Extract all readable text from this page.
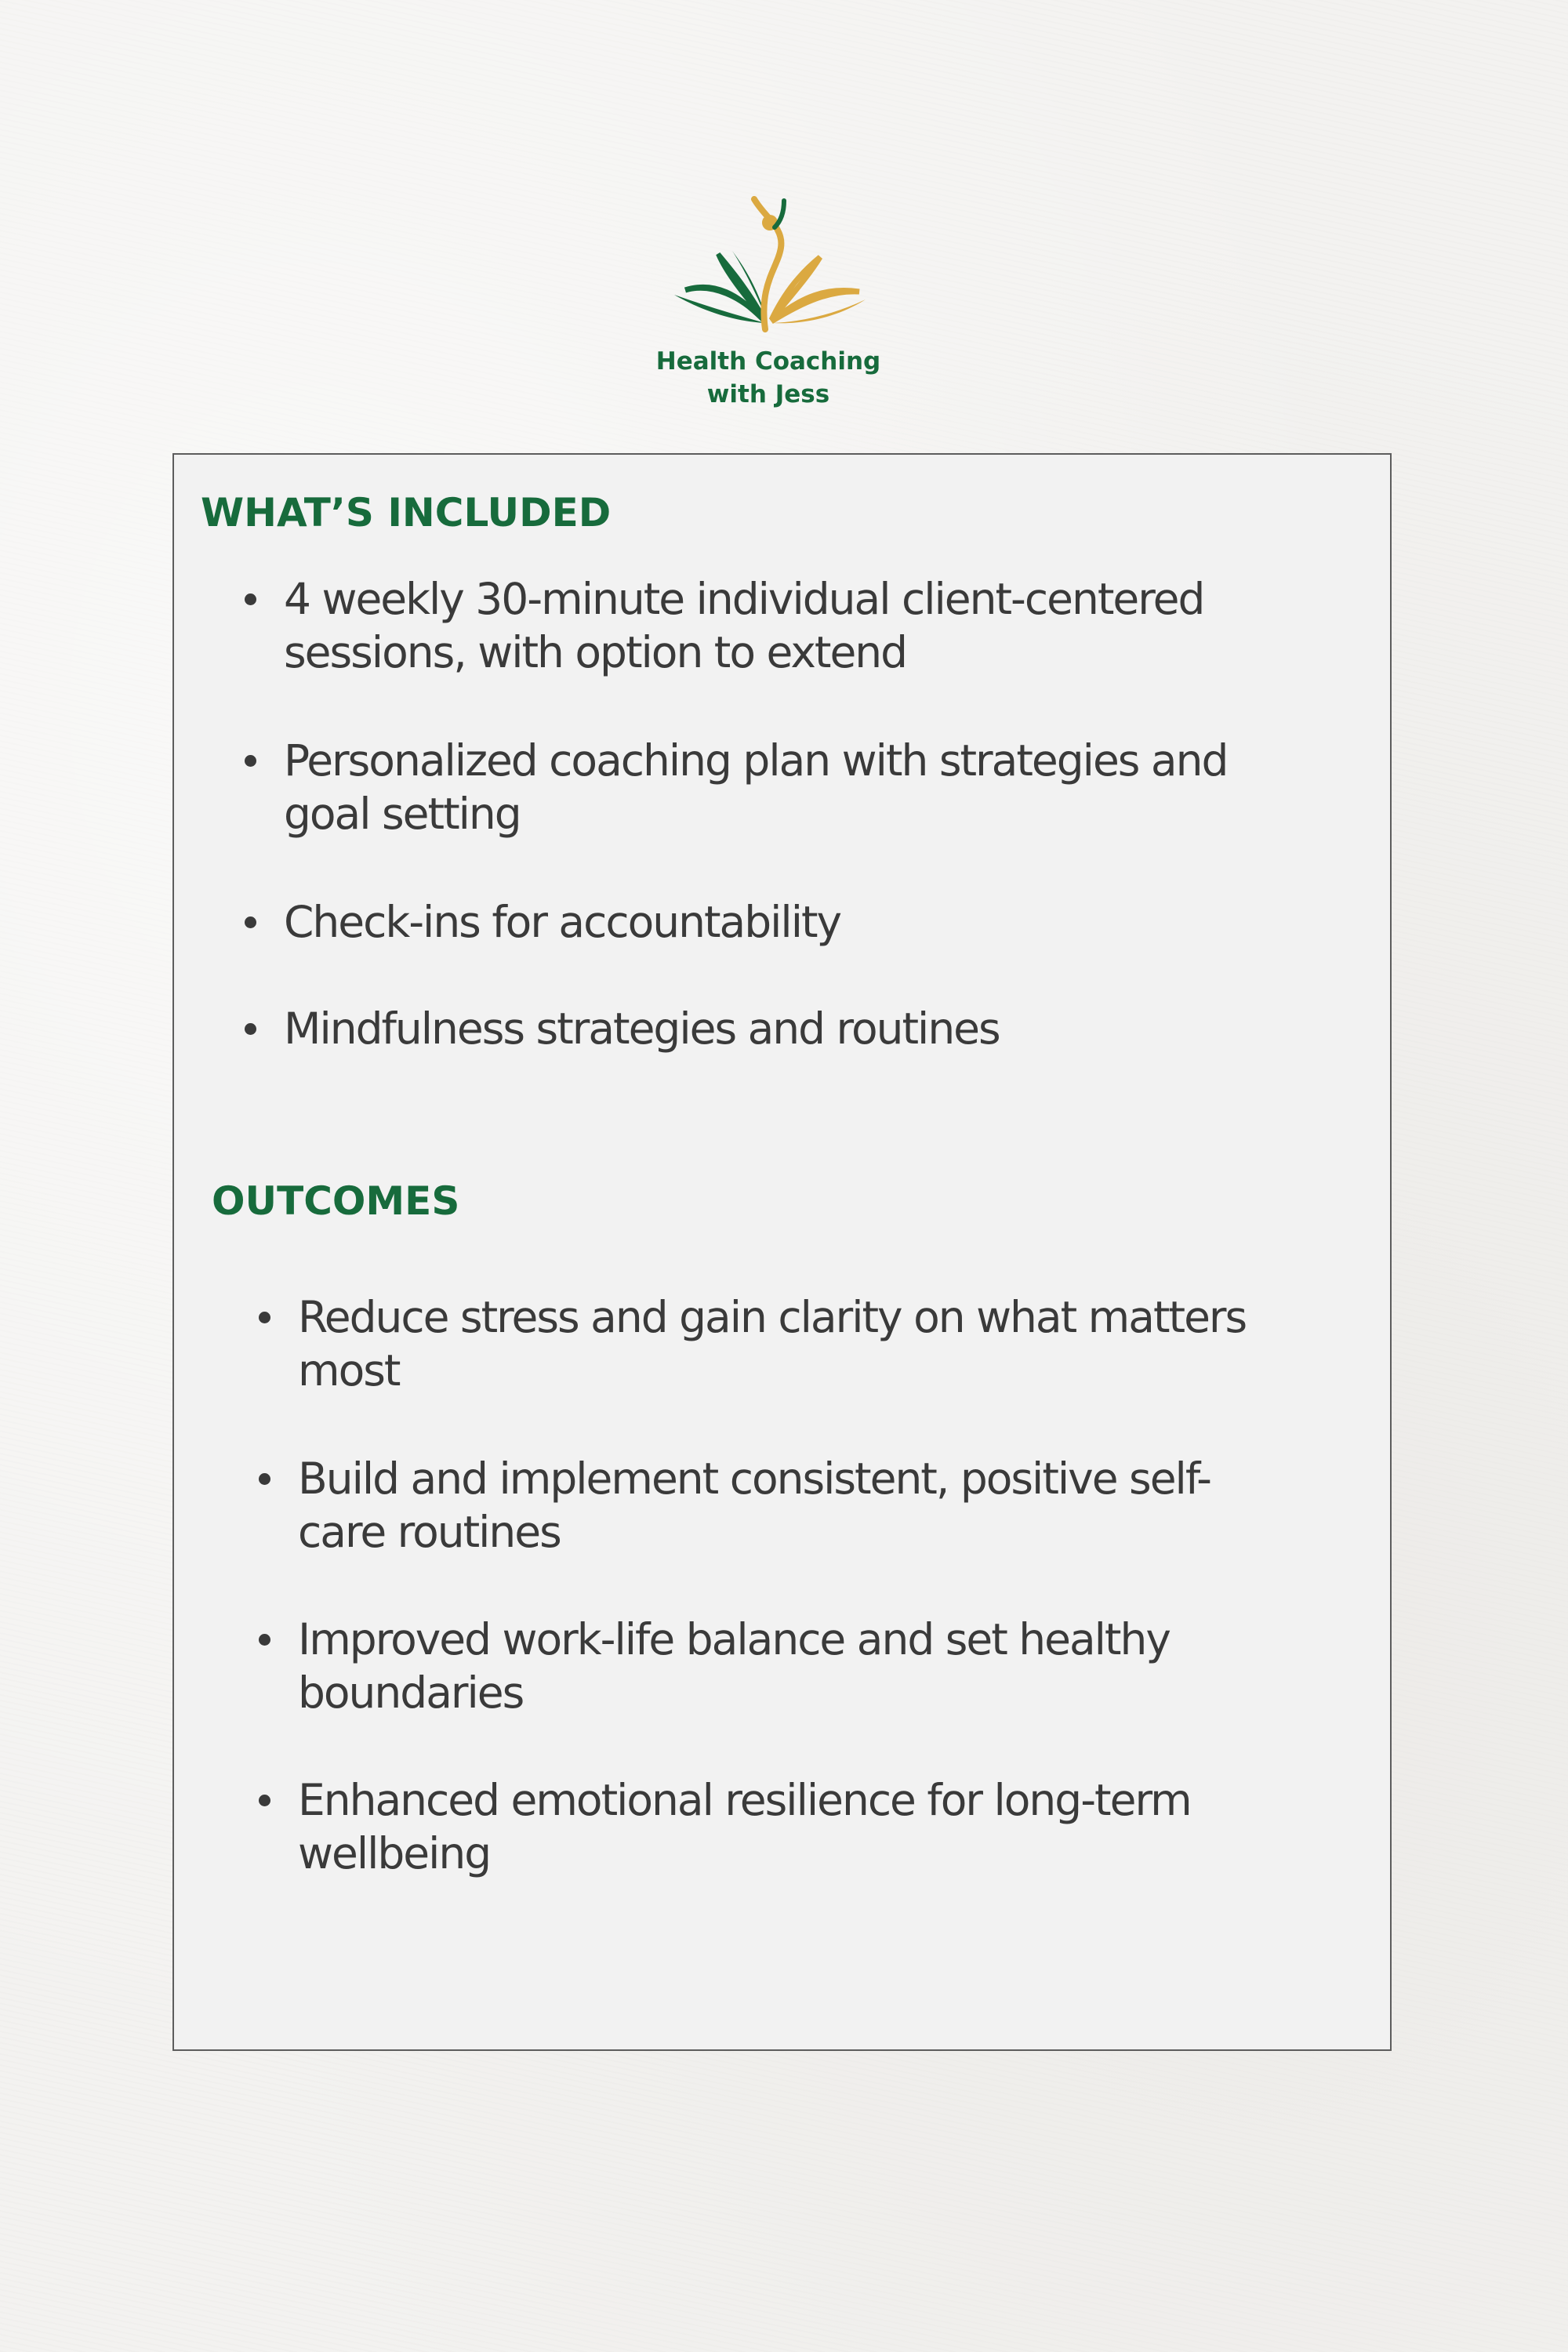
Health Coaching
with Jess
WHAT’S INCLUDED
4 weekly 30-minute individual client-centered
sessions, with option to extend
Personalized coaching plan with strategies and
goal setting
Check-ins for accountability
Mindfulness strategies and routines
OUTCOMES
Reduce stress and gain clarity on what matters
most
Build and implement consistent, positive self-
care routines
Improved work-life balance and set healthy
boundaries
Enhanced emotional resilience for long-term
wellbeing
